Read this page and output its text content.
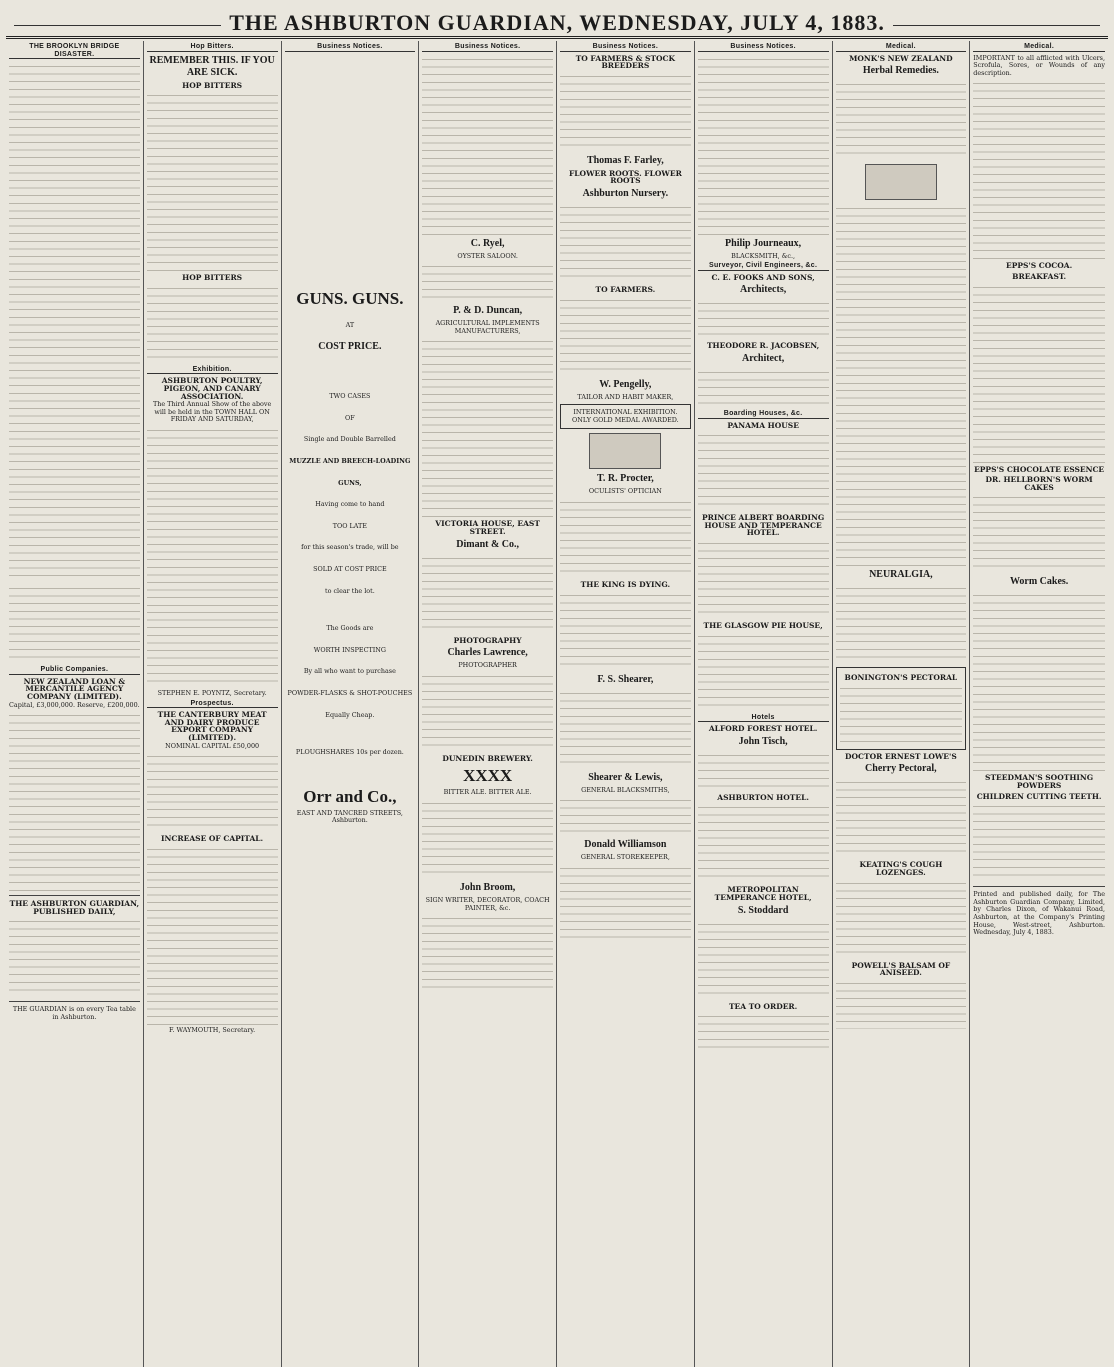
THE ASHBURTON GUARDIAN, WEDNESDAY, JULY 4, 1883.
THE BROOKLYN BRIDGE DISASTER.
Public Companies.
NEW ZEALAND LOAN & MERCANTILE AGENCY COMPANY (LIMITED).
Capital, £3,000,000. Reserve, £200,000.
THE ASHBURTON GUARDIAN, PUBLISHED DAILY,
THE GUARDIAN is on every Tea table in Ashburton.
Hop Bitters.
REMEMBER THIS. IF YOU ARE SICK.
HOP BITTERS
HOP BITTERS
Exhibition.
ASHBURTON POULTRY, PIGEON, AND CANARY ASSOCIATION.
The Third Annual Show of the above will be held in the TOWN HALL ON FRIDAY AND SATURDAY,
STEPHEN E. POYNTZ, Secretary.
Prospectus.
THE CANTERBURY MEAT AND DAIRY PRODUCE EXPORT COMPANY (LIMITED).
NOMINAL CAPITAL £50,000
INCREASE OF CAPITAL.
F. WAYMOUTH, Secretary.
Business Notices.
GUNS. GUNS.
AT
COST PRICE.
TWO CASES
OF
Single and Double Barrelled
MUZZLE AND BREECH-LOADING
GUNS,
Having come to hand
TOO LATE
for this season's trade, will be
SOLD AT COST PRICE
to clear the lot.
The Goods are
WORTH INSPECTING
By all who want to purchase
POWDER-FLASKS & SHOT-POUCHES
Equally Cheap.
PLOUGHSHARES 10s per dozen.
Orr and Co.,
EAST AND TANCRED STREETS, Ashburton.
Business Notices.
C. Ryel,
OYSTER SALOON.
P. & D. Duncan,
AGRICULTURAL IMPLEMENTS MANUFACTURERS,
VICTORIA HOUSE, EAST STREET.
Dimant & Co.,
PHOTOGRAPHY
Charles Lawrence,
PHOTOGRAPHER
DUNEDIN BREWERY.
XXXX
BITTER ALE. BITTER ALE.
John Broom,
SIGN WRITER, DECORATOR, COACH PAINTER, &c.
Business Notices.
TO FARMERS & STOCK BREEDERS
Thomas F. Farley,
FLOWER ROOTS. FLOWER ROOTS
Ashburton Nursery.
TO FARMERS.
W. Pengelly,
TAILOR AND HABIT MAKER,
INTERNATIONAL EXHIBITION. ONLY GOLD MEDAL AWARDED.
T. R. Procter,
OCULISTS' OPTICIAN
THE KING IS DYING.
F. S. Shearer,
Shearer & Lewis,
GENERAL BLACKSMITHS,
Donald Williamson
GENERAL STOREKEEPER,
Business Notices.
Philip Journeaux,
BLACKSMITH, &c.,
Surveyor, Civil Engineers, &c.
C. E. FOOKS AND SONS,
Architects,
THEODORE R. JACOBSEN,
Architect,
Boarding Houses, &c.
PANAMA HOUSE
PRINCE ALBERT BOARDING HOUSE AND TEMPERANCE HOTEL.
THE GLASGOW PIE HOUSE,
Hotels
ALFORD FOREST HOTEL.
John Tisch,
ASHBURTON HOTEL.
METROPOLITAN TEMPERANCE HOTEL,
S. Stoddard
TEA TO ORDER.
Medical.
MONK'S NEW ZEALAND
Herbal Remedies.
NEURALGIA,
BONINGTON'S PECTORAL
DOCTOR ERNEST LOWE'S
Cherry Pectoral,
KEATING'S COUGH LOZENGES.
POWELL'S BALSAM OF ANISEED.
Medical.
IMPORTANT to all afflicted with Ulcers, Scrofula, Sores, or Wounds of any description.
EPPS'S COCOA.
BREAKFAST.
EPPS'S CHOCOLATE ESSENCE
DR. HELLBORN'S WORM CAKES
Worm Cakes.
STEEDMAN'S SOOTHING POWDERS
CHILDREN CUTTING TEETH.
Printed and published daily, for The Ashburton Guardian Company, Limited, by Charles Dixon, of Wakanui Road, Ashburton, at the Company's Printing House, West-street, Ashburton. Wednesday, July 4, 1883.
